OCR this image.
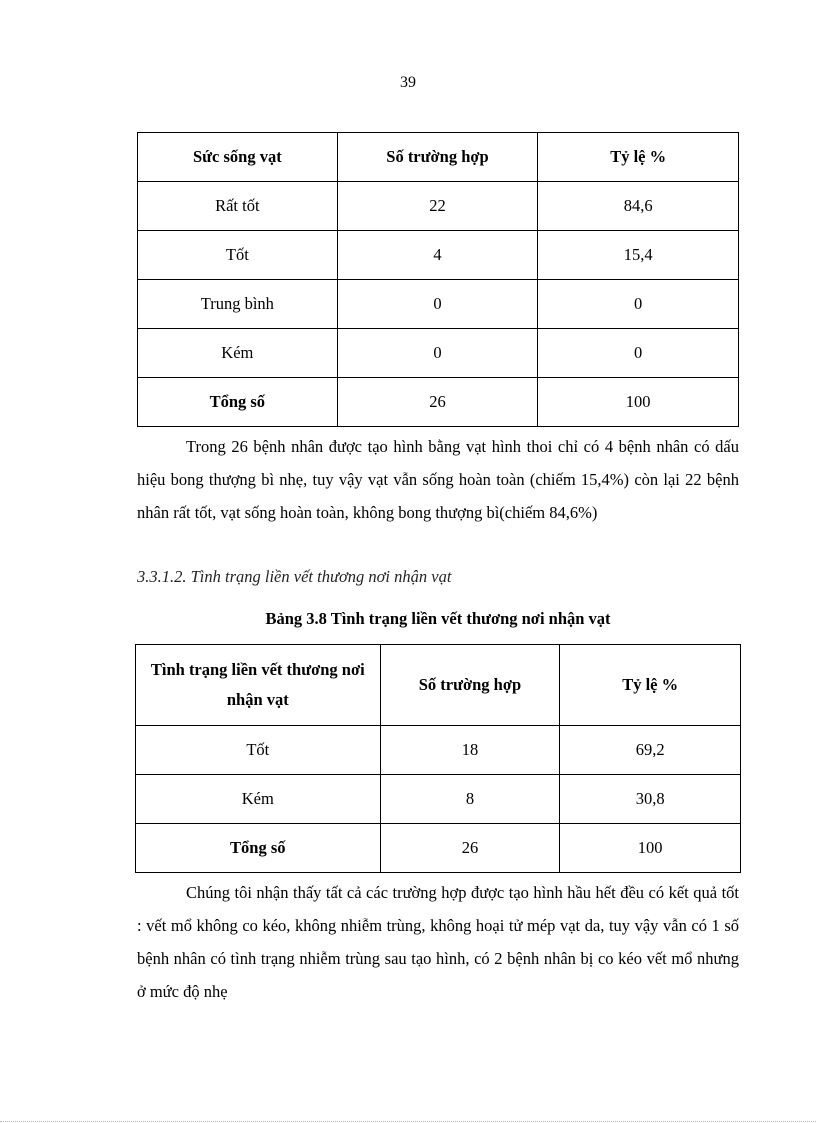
39
Sức sống vạt	Số trường hợp	Tỷ lệ %
Rất tốt	22	84,6
Tốt	4	15,4
Trung bình	0	0
Kém	0	0
Tổng số	26	100

Trong 26 bệnh nhân được tạo hình bằng vạt hình thoi chỉ có 4 bệnh nhân có dấu hiệu bong thượng bì nhẹ, tuy vậy vạt vẫn sống hoàn toàn (chiếm 15,4%) còn lại 22 bệnh nhân rất tốt, vạt sống hoàn toàn, không bong thượng bì(chiếm 84,6%)

3.3.1.2. Tình trạng liền vết thương nơi nhận vạt

Bảng 3.8 Tình trạng liền vết thương nơi nhận vạt

Tình trạng liền vết thương nơi nhận vạt	Số trường hợp	Tỷ lệ %
Tốt	18	69,2
Kém	8	30,8
Tổng số	26	100

Chúng tôi nhận thấy tất cả các trường hợp được tạo hình hầu hết đều có kết quả tốt : vết mổ không co kéo, không nhiễm trùng, không hoại tử mép vạt da, tuy vậy vẫn có 1 số bệnh nhân có tình trạng nhiễm trùng sau tạo hình, có 2 bệnh nhân bị co kéo vết mổ nhưng ở mức độ nhẹ
